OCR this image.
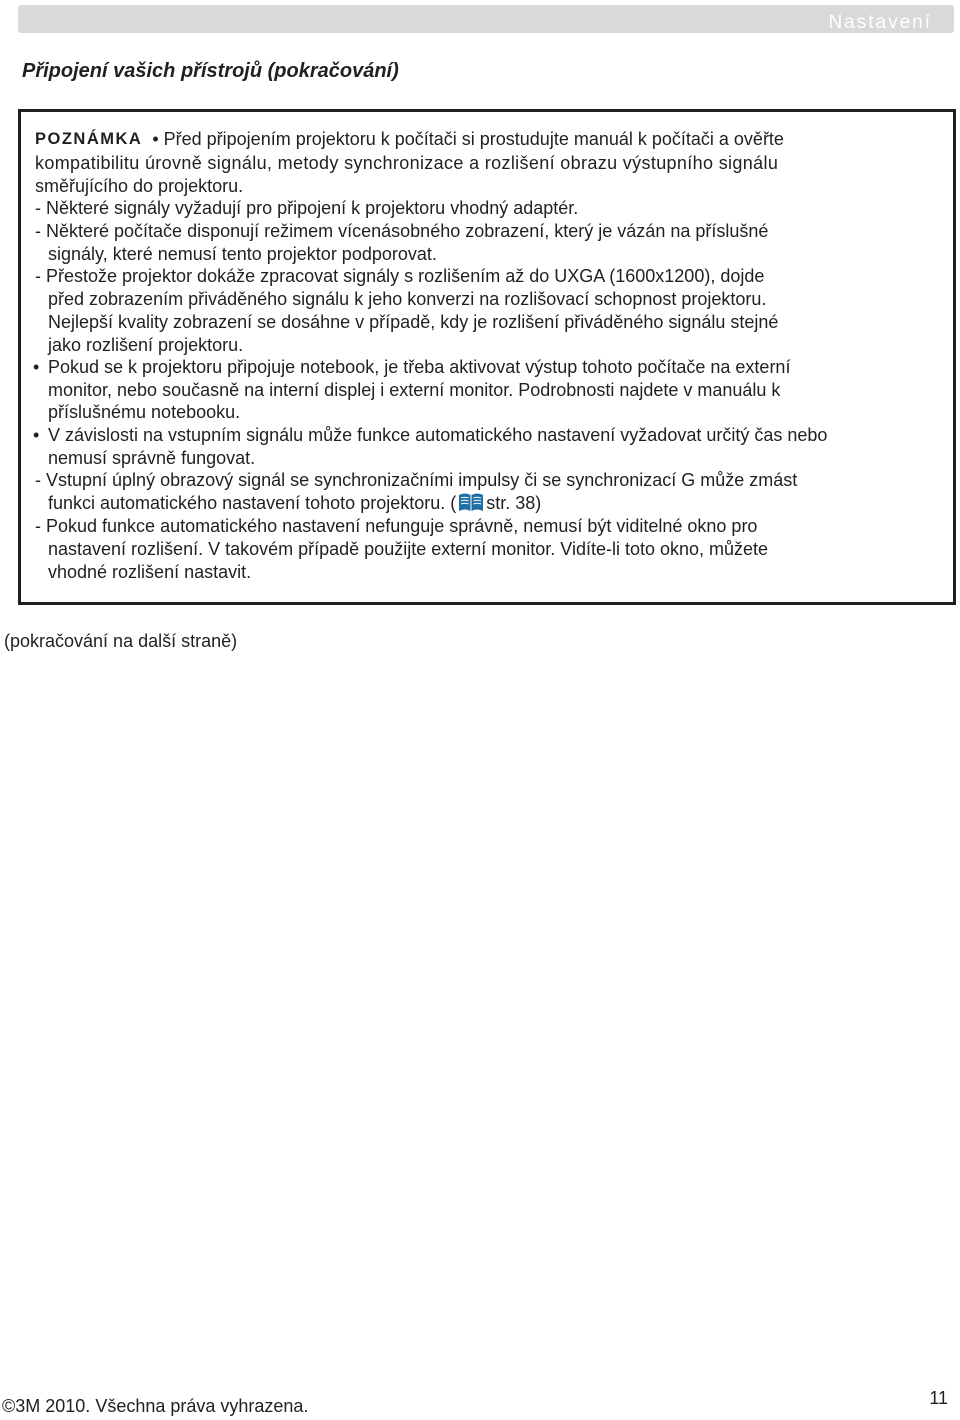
Nastavení
Připojení vašich přístrojů (pokračování)
POZNÁMKA • Před připojením projektoru k počítači si prostudujte manuál k počítači a ověřte
kompatibilitu úrovně signálu, metody synchronizace a rozlišení obrazu výstupního signálu
směřujícího do projektoru.
- Některé signály vyžadují pro připojení k projektoru vhodný adaptér.
- Některé počítače disponují režimem vícenásobného zobrazení, který je vázán na příslušné
signály, které nemusí tento projektor podporovat.
- Přestože projektor dokáže zpracovat signály s rozlišením až do UXGA (1600x1200), dojde
před zobrazením přiváděného signálu k jeho konverzi na rozlišovací schopnost projektoru.
Nejlepší kvality zobrazení se dosáhne v případě, kdy je rozlišení přiváděného signálu stejné
jako rozlišení projektoru.
• Pokud se k projektoru připojuje notebook, je třeba aktivovat výstup tohoto počítače na externí
monitor, nebo současně na interní displej i externí monitor. Podrobnosti najdete v manuálu k
příslušnému notebooku.
• V závislosti na vstupním signálu může funkce automatického nastavení vyžadovat určitý čas nebo
nemusí správně fungovat.
- Vstupní úplný obrazový signál se synchronizačními impulsy či se synchronizací G může zmást
funkci automatického nastavení tohoto projektoru. ( str. 38)
- Pokud funkce automatického nastavení nefunguje správně, nemusí být viditelné okno pro
nastavení rozlišení. V takovém případě použijte externí monitor. Vidíte-li toto okno, můžete
vhodné rozlišení nastavit.
(pokračování na další straně)
©3M 2010. Všechna práva vyhrazena.	11
